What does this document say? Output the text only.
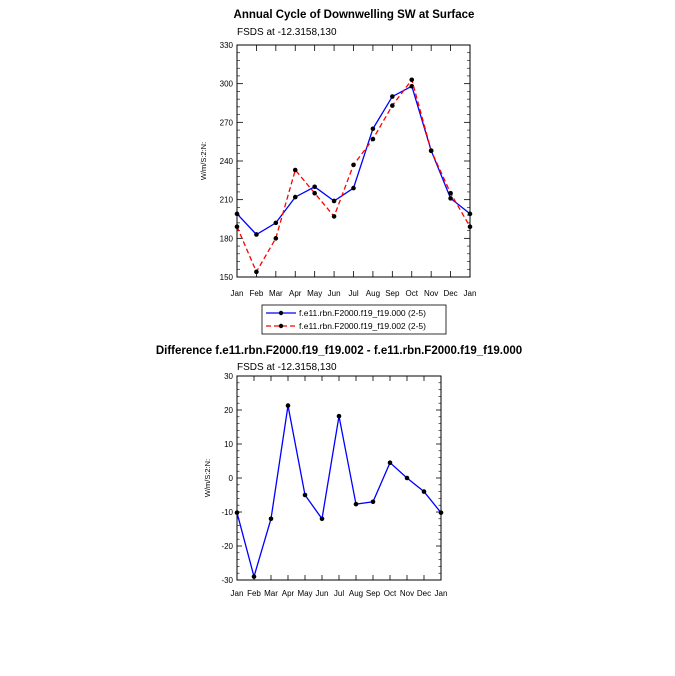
Annual Cycle of Downwelling SW at Surface
FSDS at -12.3158,130
W/m/S:2:N:
Difference f.e11.rbn.F2000.f19_f19.002 - f.e11.rbn.F2000.f19_f19.000
FSDS at -12.3158,130
W/m/S:2:N:
f.e11.rbn.F2000.f19_f19.000 (2-5)
f.e11.rbn.F2000.f19_f19.002 (2-5)
150
180
210
240
270
300
330
Jan Feb Mar Apr May Jun Jul Aug Sep Oct Nov Dec Jan
-30
-20
-10
0
10
20
30
Jan Feb Mar Apr May Jun Jul Aug Sep Oct Nov Dec Jan
